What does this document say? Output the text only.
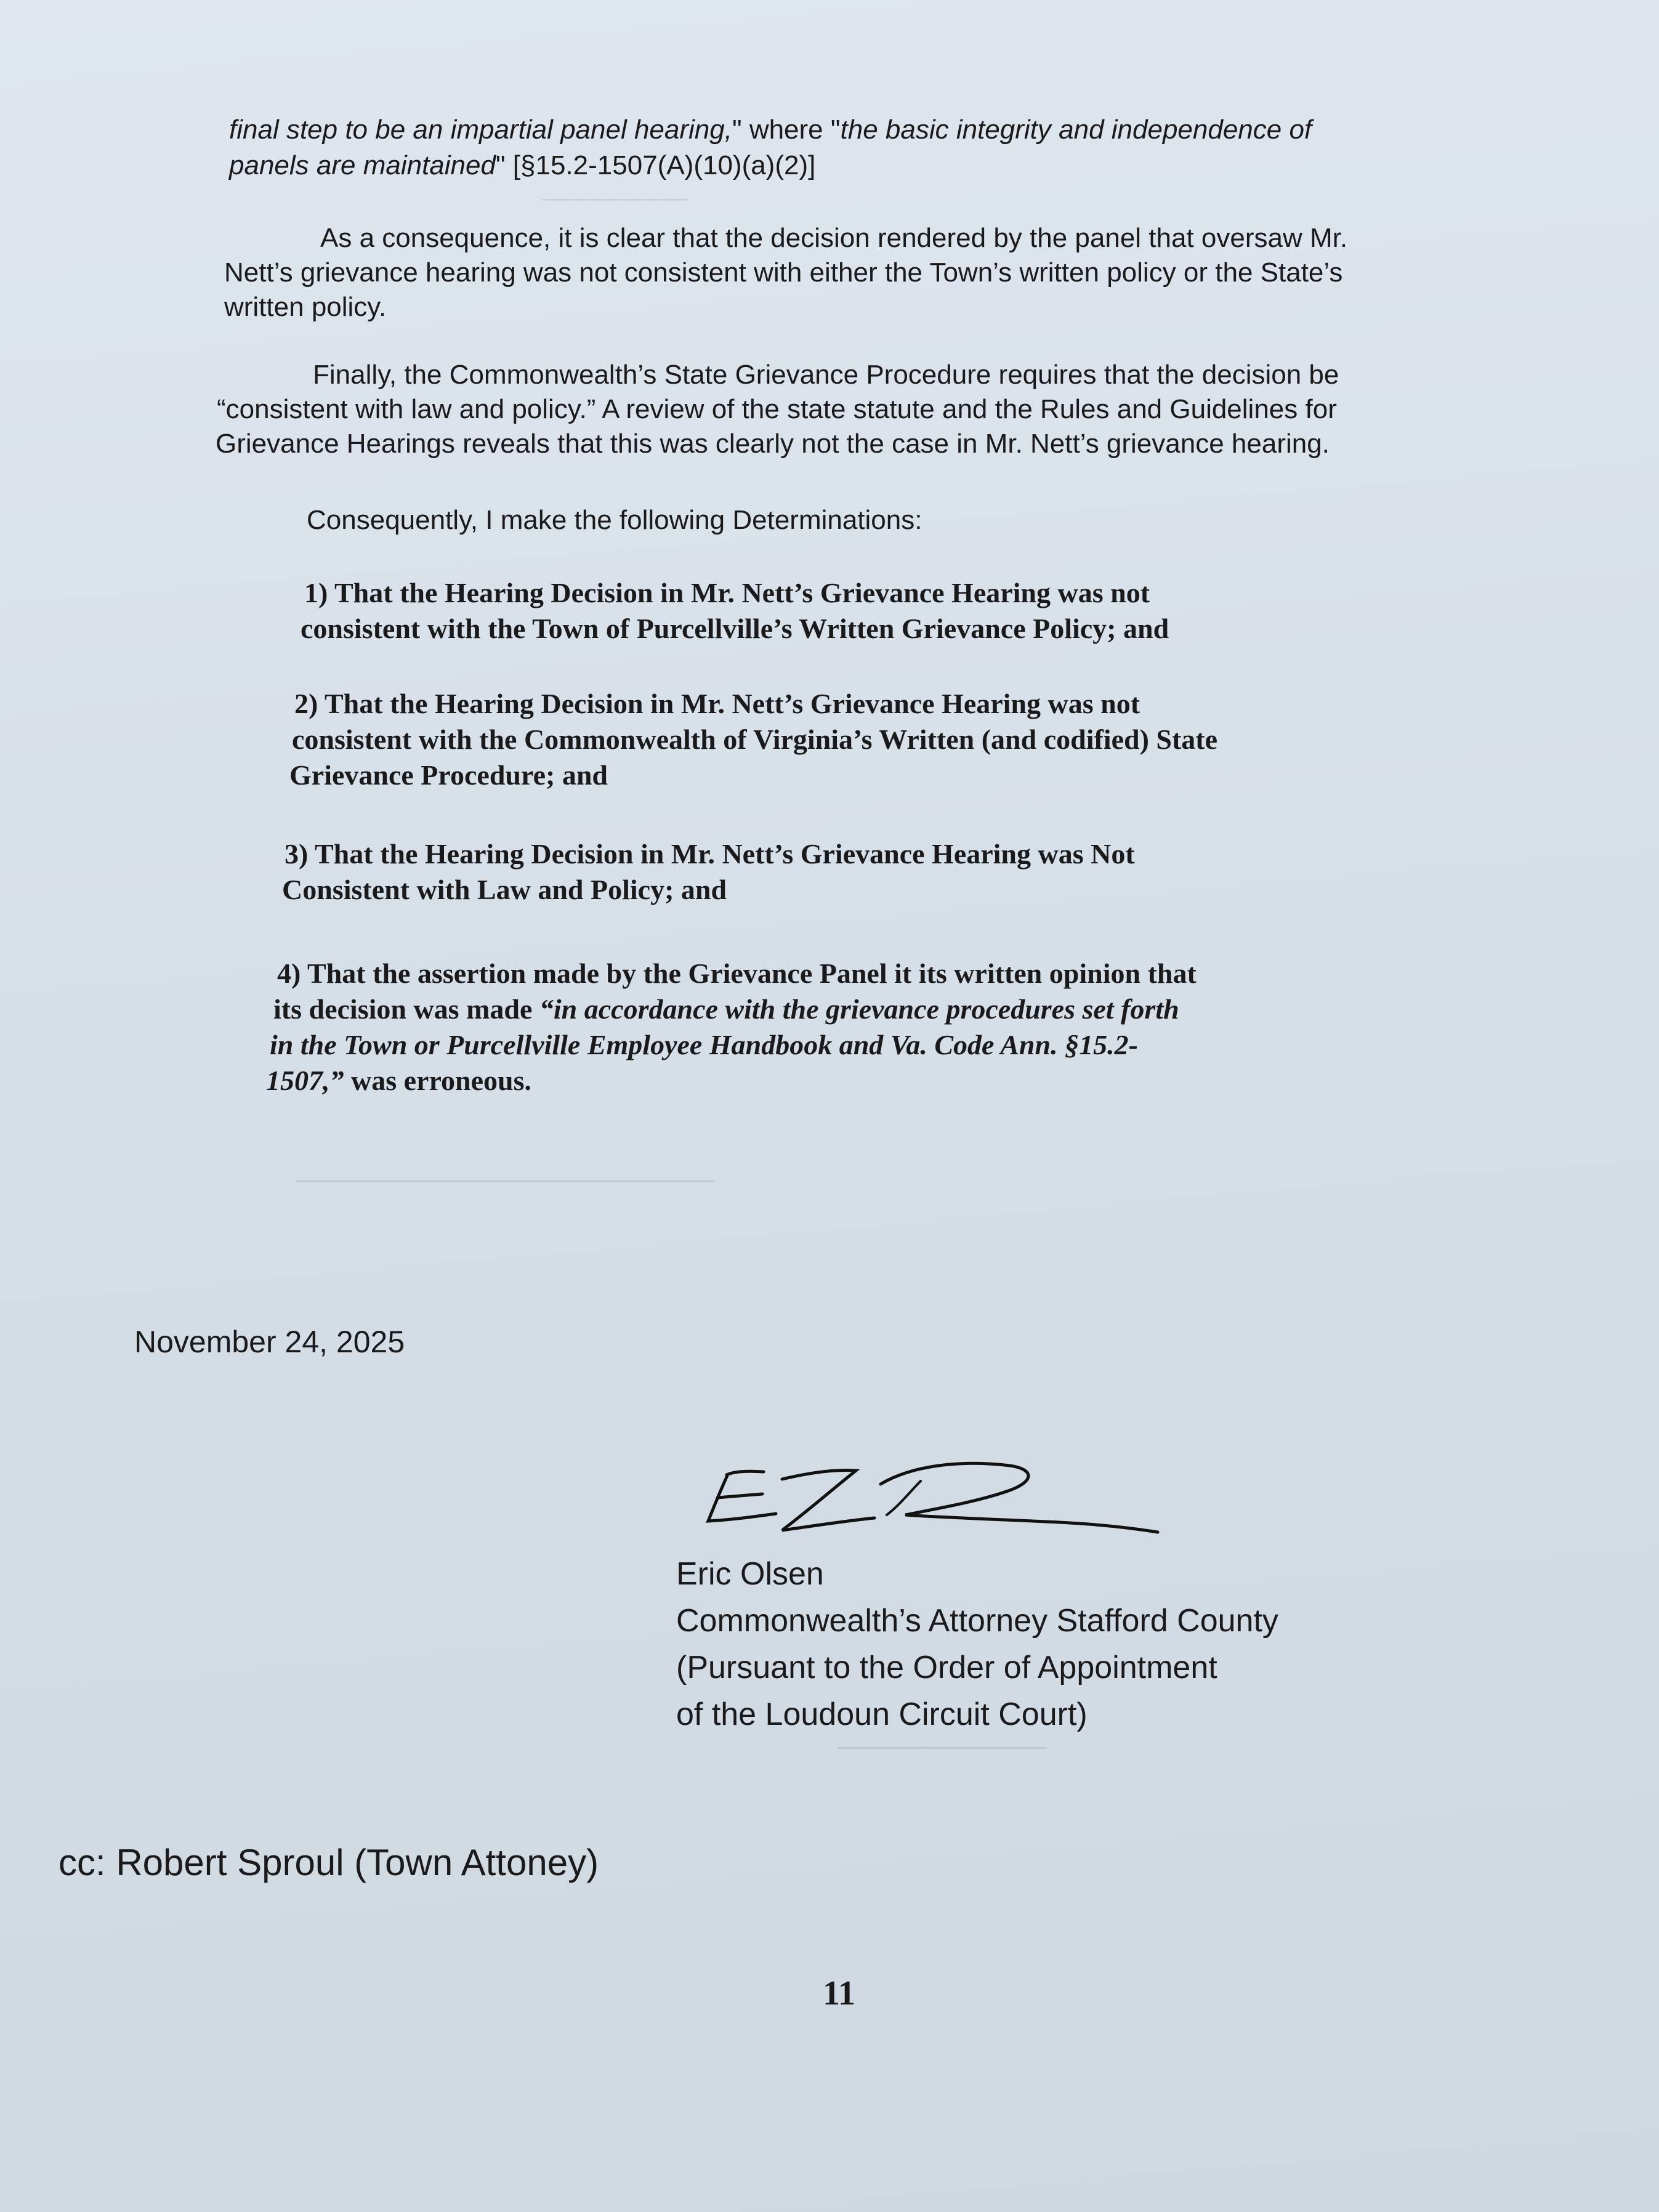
────────
────────────────────
──────────
final step to be an impartial panel hearing," where "the basic integrity and independence of
panels are maintained" [§15.2-1507(A)(10)(a)(2)]
As a consequence, it is clear that the decision rendered by the panel that oversaw Mr.
Nett’s grievance hearing was not consistent with either the Town’s written policy or the State’s
written policy.
Finally, the Commonwealth’s State Grievance Procedure requires that the decision be
“consistent with law and policy.” A review of the state statute and the Rules and Guidelines for
Grievance Hearings reveals that this was clearly not the case in Mr. Nett’s grievance hearing.
Consequently, I make the following Determinations:
1) That the Hearing Decision in Mr. Nett’s Grievance Hearing was not
consistent with the Town of Purcellville’s Written Grievance Policy; and
2) That the Hearing Decision in Mr. Nett’s Grievance Hearing was not
consistent with the Commonwealth of Virginia’s Written (and codified) State
Grievance Procedure; and
3) That the Hearing Decision in Mr. Nett’s Grievance Hearing was Not
Consistent with Law and Policy; and
4) That the assertion made by the Grievance Panel it its written opinion that
its decision was made “in accordance with the grievance procedures set forth
in the Town or Purcellville Employee Handbook and Va. Code Ann. §15.2-
1507,” was erroneous.
November 24, 2025
Eric Olsen
Commonwealth’s Attorney Stafford County
(Pursuant to the Order of Appointment
of the Loudoun Circuit Court)
cc: Robert Sproul (Town Attoney)
11
